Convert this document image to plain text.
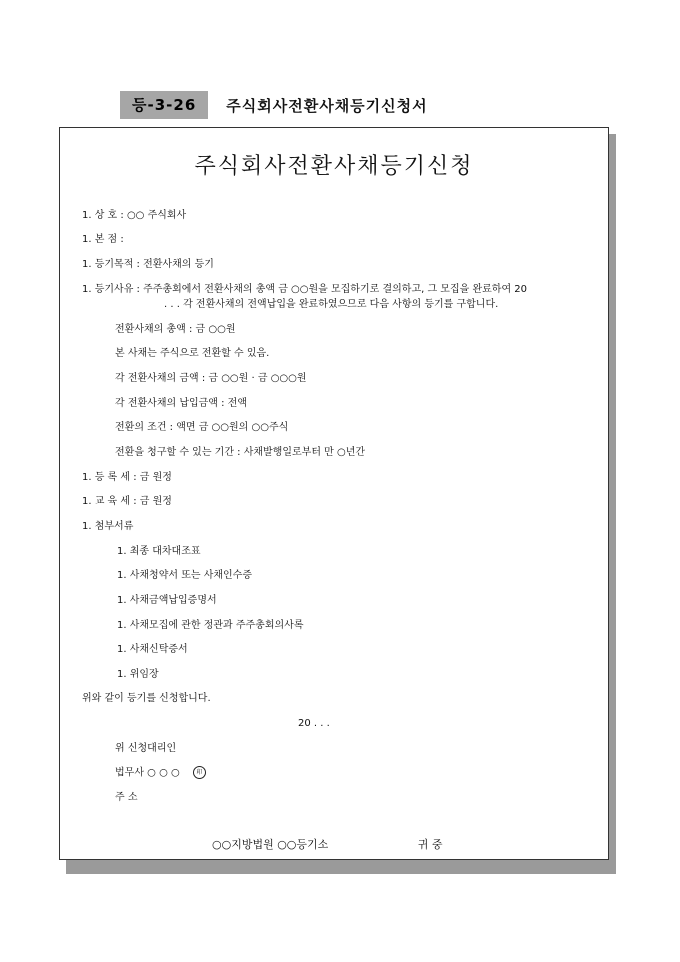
등-3-26	주식회사전환사채등기신청서
주식회사전환사채등기신청
1. 상 호 : ○○ 주식회사
1. 본 점 :
1. 등기목적 : 전환사채의 등기
1. 등기사유 : 주주총회에서 전환사채의 총액 금 ○○원을 모집하기로 결의하고, 그 모집을 완료하여 20
. . . 각 전환사채의 전액납입을 완료하였으므로 다음 사항의 등기를 구합니다.
전환사채의 총액 : 금 ○○원
본 사채는 주식으로 전환할 수 있음.
각 전환사채의 금액 : 금 ○○원 · 금 ○○○원
각 전환사채의 납입금액 : 전액
전환의 조건 : 액면 금 ○○원의 ○○주식
전환을 청구할 수 있는 기간 : 사채발행일로부터 만 ○년간
1. 등 록 세 : 금 원정
1. 교 육 세 : 금 원정
1. 첨부서류
1. 최종 대차대조표
1. 사채청약서 또는 사채인수증
1. 사채금액납입증명서
1. 사채모집에 관한 정관과 주주총회의사록
1. 사채신탁증서
1. 위임장
위와 같이 등기를 신청합니다.
20 . . .
위 신청대리인
법무사 ○ ○ ○	印
주 소
○○지방법원 ○○등기소	귀 중
